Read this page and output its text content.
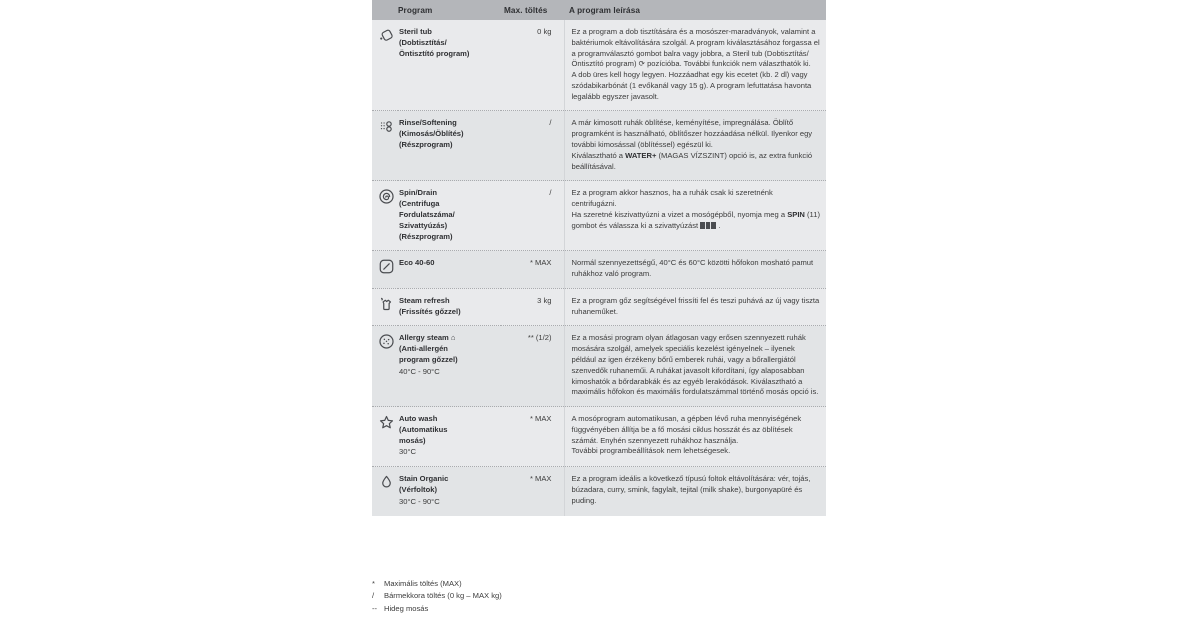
	Program	Max. töltés	A program leírása

Steril tub
(Dobtisztítás/
Öntisztító program)
	0 kg	Ez a program a dob tisztítására és a mosószer-maradványok, valamint a baktériumok eltávolítására szolgál. A program kiválasztásához forgassa el a programválasztó gombot balra vagy jobbra, a Steril tub (Dobtisztítás/Öntisztító program) ⟳ pozícióba. További funkciók nem választhatók ki.

A dob üres kell hogy legyen. Hozzáadhat egy kis ecetet (kb. 2 dl) vagy szódabikarbónát (1 evőkanál vagy 15 g). A program lefuttatása havonta legalább egyszer javasolt.

Rinse/Softening
(Kimosás/Öblítés)
(Részprogram)
	/	A már kimosott ruhák öblítése, keményítése, impregnálása. Öblítő programként is használható, öblítőszer hozzáadása nélkül. Ilyenkor egy további kimosással (öblítéssel) egészül ki.

Kiválasztható a WATER+ (MAGAS VÍZSZINT) opció is, az extra funkció beállításával.

Spin/Drain
(Centrifuga
Fordulatszáma/
Szivattyúzás)
(Részprogram)
	/	Ez a program akkor hasznos, ha a ruhák csak ki szeretnénk centrifugázni.

Ha szeretné kiszivattyúzni a vizet a mosógépből, nyomja meg a SPIN (11) gombot és válassza ki a szivattyúzást  .

Eco 40-60	* MAX	Normál szennyezettségű, 40°C és 60°C közötti hőfokon mosható pamut ruhákhoz való program.

Steam refresh
(Frissítés gőzzel)	3 kg	Ez a program gőz segítségével frissíti fel és teszi puhává az új vagy tiszta ruhaneműket.

Allergy steam ⌂
(Anti-allergén
program gőzzel)
40°C - 90°C
	** (1/2)	Ez a mosási program olyan átlagosan vagy erősen szennyezett ruhák mosására szolgál, amelyek speciális kezelést igényelnek – ilyenek például az igen érzékeny bőrű emberek ruhái, vagy a bőrallergiától szenvedők ruhaneműi. A ruhákat javasolt kifordítani, így alaposabban kimoshatók a bőrdarabkák és az egyéb lerakódások. Kiválasztható a maximális hőfokon és maximális fordulatszámmal történő mosás opció is.

Auto wash
(Automatikus
mosás)
30°C
	* MAX	A mosóprogram automatikusan, a gépben lévő ruha mennyiségének függvényében állítja be a fő mosási ciklus hosszát és az öblítések számát. Enyhén szennyezett ruhákhoz használja.

További programbeállítások nem lehetségesek.

Stain Organic
(Vérfoltok)
30°C - 90°C	* MAX	Ez a program ideális a következő típusú foltok eltávolítására: vér, tojás, búzadara, curry, smink, fagylalt, tejital (milk shake), burgonyapüré és puding.

*	Maximális töltés (MAX)
/	Bármekkora töltés (0 kg – MAX kg)
-- Hideg mosás
